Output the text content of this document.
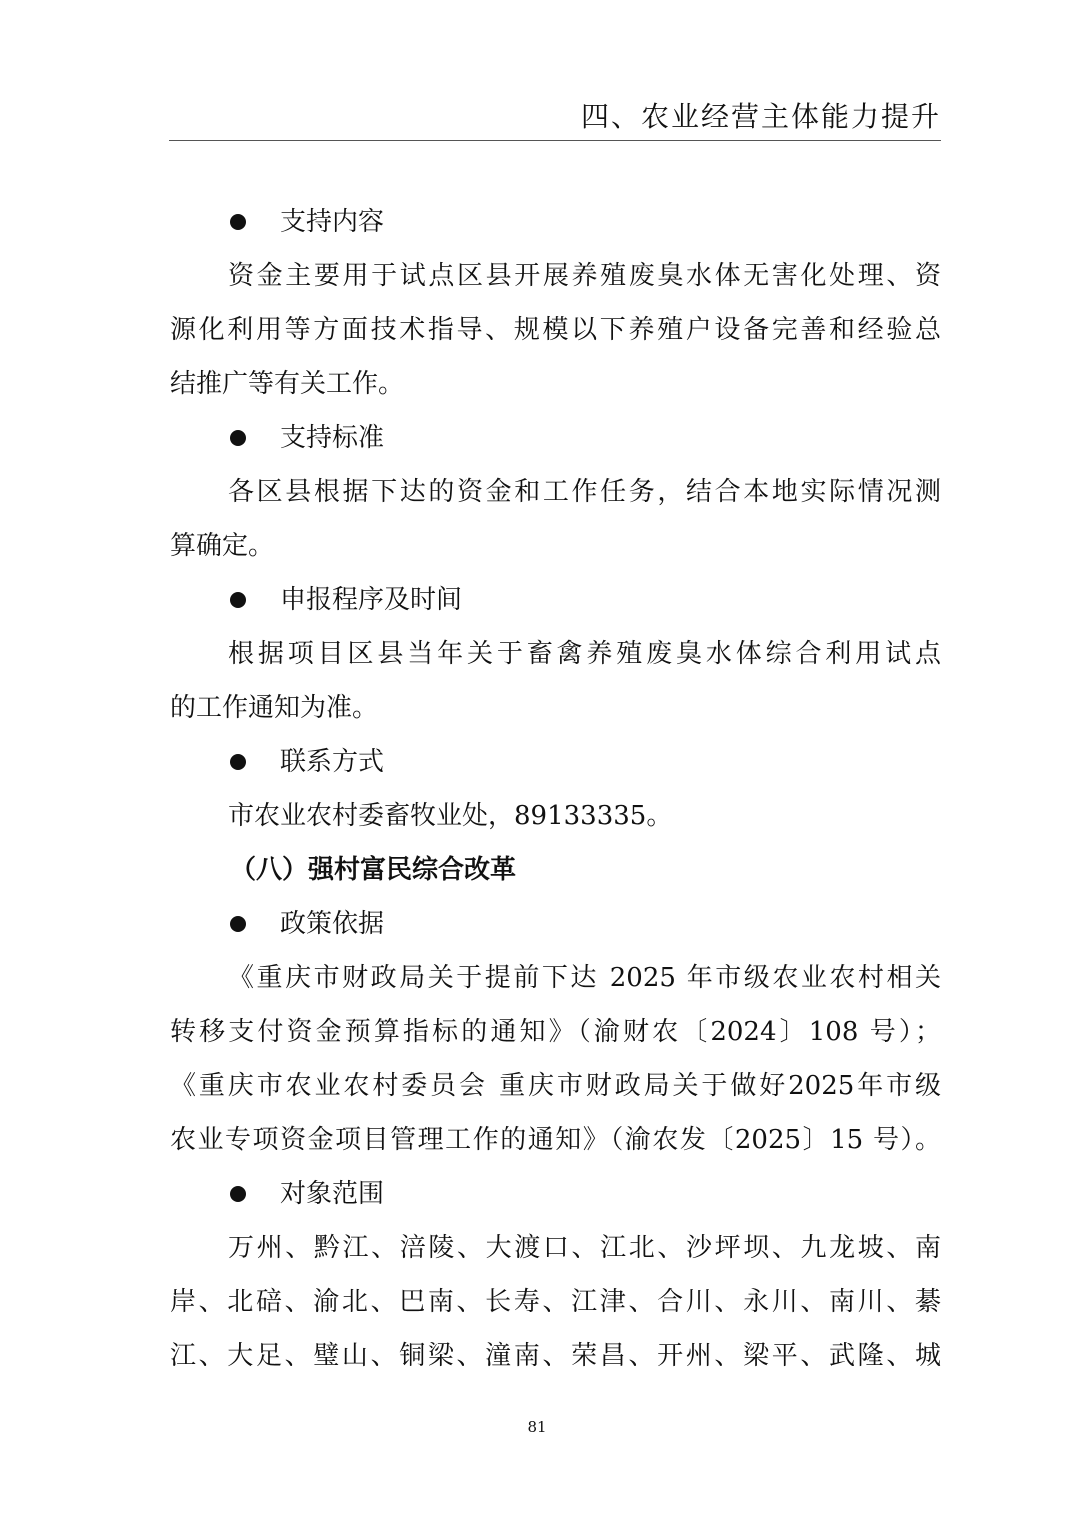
四、农业经营主体能力提升
支持内容
资金主要用于试点区县开展养殖废臭水体无害化处理、资
源化利用等方面技术指导、规模以下养殖户设备完善和经验总
结推广等有关工作。
支持标准
各区县根据下达的资金和工作任务，结合本地实际情况测
算确定。
申报程序及时间
根据项目区县当年关于畜禽养殖废臭水体综合利用试点
的工作通知为准。
联系方式
市农业农村委畜牧业处，89133335。
（八）强村富民综合改革
政策依据
《重庆市财政局关于提前下达 2025 年市级农业农村相关
转移支付资金预算指标的通知》（渝财农〔2024〕108 号）；
《重庆市农业农村委员会 重庆市财政局关于做好2025年市级
农业专项资金项目管理工作的通知》（渝农发〔2025〕15 号）。
对象范围
万州、黔江、涪陵、大渡口、江北、沙坪坝、九龙坡、南
岸、北碚、渝北、巴南、长寿、江津、合川、永川、南川、綦
江、大足、璧山、铜梁、潼南、荣昌、开州、梁平、武隆、城
81
